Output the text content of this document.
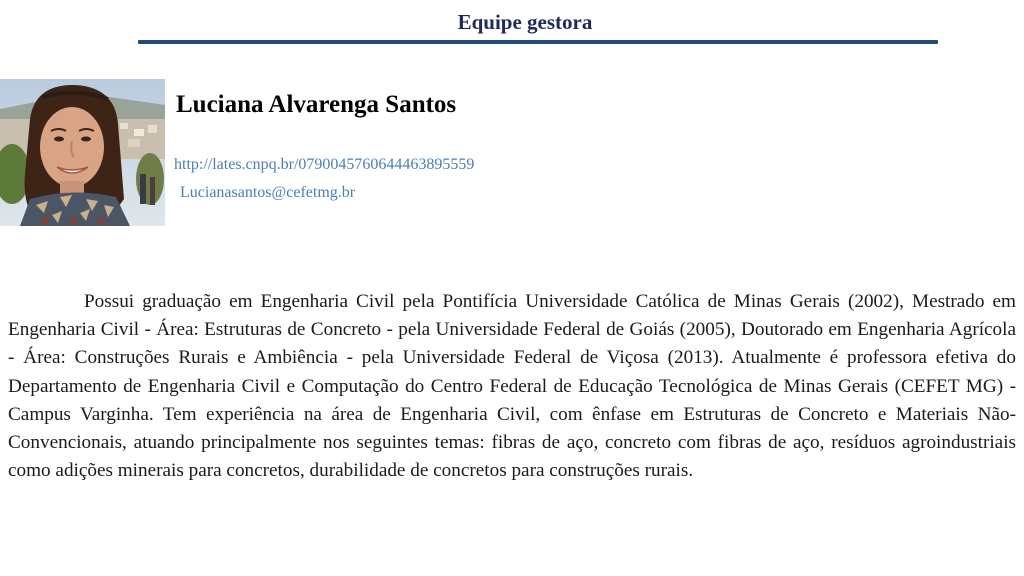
Equipe gestora
Luciana Alvarenga Santos
http://lates.cnpq.br/0790045760644463895559
Lucianasantos@cefetmg.br

Possui graduação em Engenharia Civil pela Pontifícia Universidade Católica de Minas Gerais (2002), Mestrado em Engenharia Civil - Área: Estruturas de Concreto - pela Universidade Federal de Goiás (2005), Doutorado em Engenharia Agrícola - Área: Construções Rurais e Ambiência - pela Universidade Federal de Viçosa (2013). Atualmente é professora efetiva do Departamento de Engenharia Civil e Computação do Centro Federal de Educação Tecnológica de Minas Gerais (CEFET MG) - Campus Varginha. Tem experiência na área de Engenharia Civil, com ênfase em Estruturas de Concreto e Materiais Não-Convencionais, atuando principalmente nos seguintes temas: fibras de aço, concreto com fibras de aço, resíduos agroindustriais como adições minerais para concretos, durabilidade de concretos para construções rurais.
